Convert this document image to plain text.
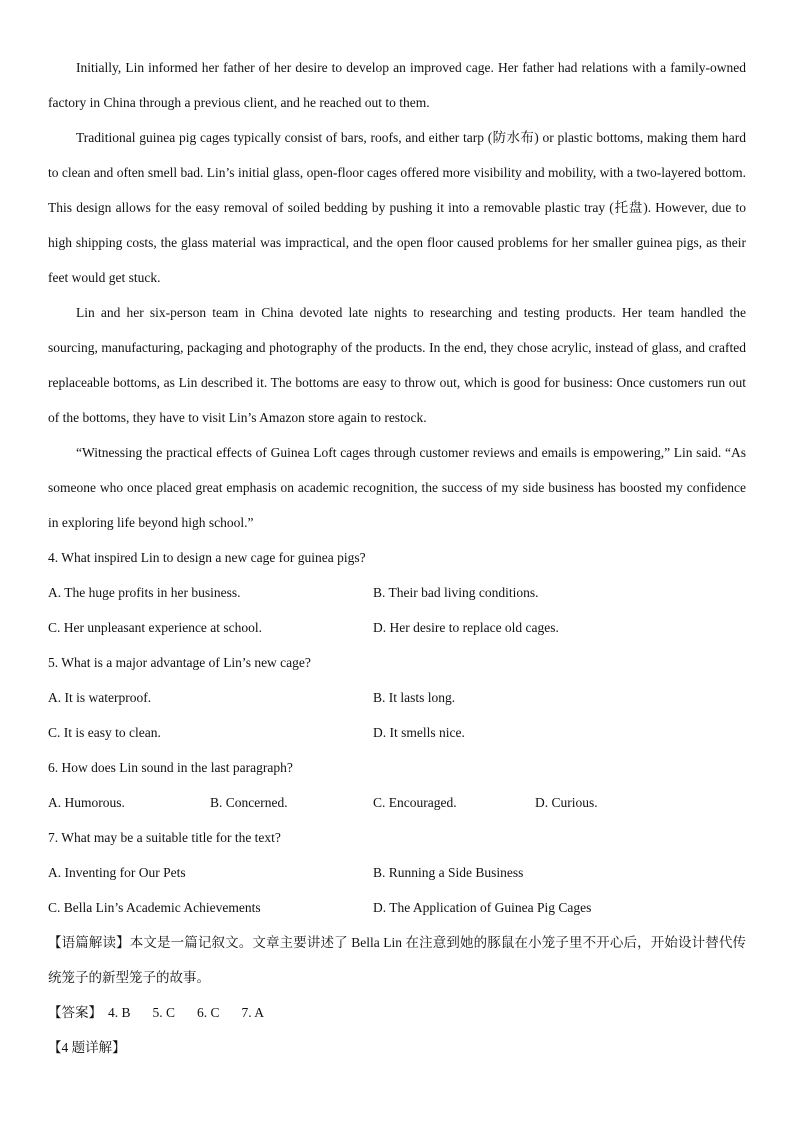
Initially, Lin informed her father of her desire to develop an improved cage. Her father had relations with a family-owned factory in China through a previous client, and he reached out to them.

Traditional guinea pig cages typically consist of bars, roofs, and either tarp (防水布) or plastic bottoms, making them hard to clean and often smell bad. Lin’s initial glass, open-floor cages offered more visibility and mobility, with a two-layered bottom. This design allows for the easy removal of soiled bedding by pushing it into a removable plastic tray (托盘). However, due to high shipping costs, the glass material was impractical, and the open floor caused problems for her smaller guinea pigs, as their feet would get stuck.

Lin and her six-person team in China devoted late nights to researching and testing products. Her team handled the sourcing, manufacturing, packaging and photography of the products. In the end, they chose acrylic, instead of glass, and crafted replaceable bottoms, as Lin described it. The bottoms are easy to throw out, which is good for business: Once customers run out of the bottoms, they have to visit Lin’s Amazon store again to restock.

“Witnessing the practical effects of Guinea Loft cages through customer reviews and emails is empowering,” Lin said. “As someone who once placed great emphasis on academic recognition, the success of my side business has boosted my confidence in exploring life beyond high school.”

4. What inspired Lin to design a new cage for guinea pigs?

A. The huge profits in her business.	B. Their bad living conditions.
C. Her unpleasant experience at school.	D. Her desire to replace old cages.

5. What is a major advantage of Lin’s new cage?

A. It is waterproof.	B. It lasts long.
C. It is easy to clean.	D. It smells nice.

6. How does Lin sound in the last paragraph?

A. Humorous.	B. Concerned.	C. Encouraged.	D. Curious.

7. What may be a suitable title for the text?

A. Inventing for Our Pets	B. Running a Side Business
C. Bella Lin’s Academic Achievements	D. The Application of Guinea Pig Cages

【语篇解读】本文是一篇记叙文。文章主要讲述了 Bella Lin 在注意到她的豚鼠在小笼子里不开心后，开始设计替代传统笼子的新型笼子的故事。

【答案】 4. B 5. C 6. C 7. A

【4 题详解】
